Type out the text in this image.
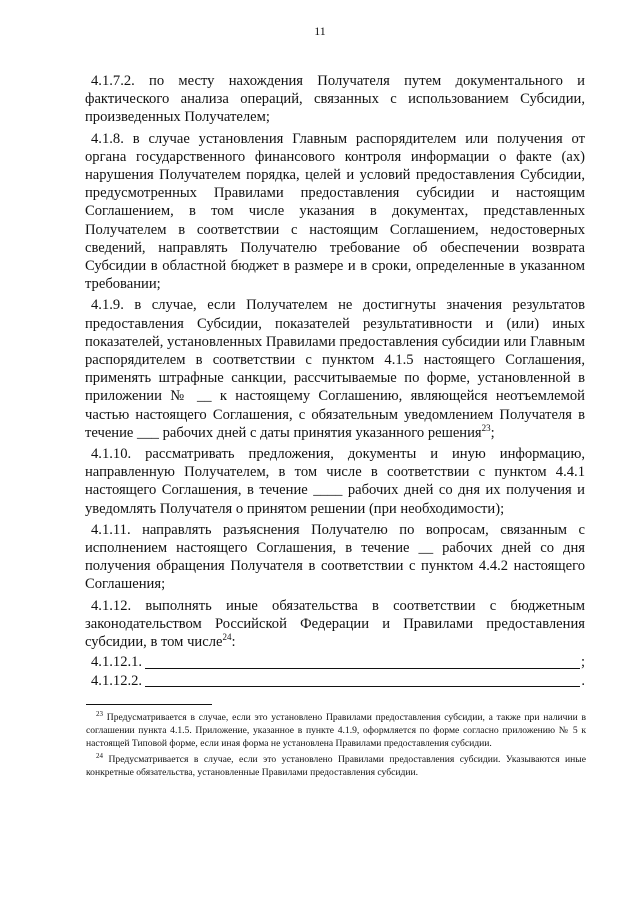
11

4.1.7.2. по месту нахождения Получателя путем документального и фактического анализа операций, связанных с использованием Субсидии, произведенных Получателем;

4.1.8. в случае установления Главным распорядителем или получения от органа государственного финансового контроля информации о факте (ах) нарушения Получателем порядка, целей и условий предоставления Субсидии, предусмотренных Правилами предоставления субсидии и настоящим Соглашением, в том числе указания в документах, представленных Получателем в соответствии с настоящим Соглашением, недостоверных сведений, направлять Получателю требование об обеспечении возврата Субсидии в областной бюджет в размере и в сроки, определенные в указанном требовании;

4.1.9. в случае, если Получателем не достигнуты значения результатов предоставления Субсидии, показателей результативности и (или) иных показателей, установленных Правилами предоставления субсидии или Главным распорядителем в соответствии с пунктом 4.1.5 настоящего Соглашения, применять штрафные санкции, рассчитываемые по форме, установленной в приложении № __ к настоящему Соглашению, являющейся неотъемлемой частью настоящего Соглашения, с обязательным уведомлением Получателя в течение ___ рабочих дней с даты принятия указанного решения$^{23}$;

4.1.10. рассматривать предложения, документы и иную информацию, направленную Получателем, в том числе в соответствии с пунктом 4.4.1 настоящего Соглашения, в течение ____ рабочих дней со дня их получения и уведомлять Получателя о принятом решении (при необходимости);

4.1.11. направлять разъяснения Получателю по вопросам, связанным с исполнением настоящего Соглашения, в течение __ рабочих дней со дня получения обращения Получателя в соответствии с пунктом 4.4.2 настоящего Соглашения;

4.1.12. выполнять иные обязательства в соответствии с бюджетным законодательством Российской Федерации и Правилами предоставления субсидии, в том числе$^{24}$:

4.1.12.1.	;
4.1.12.2.	.

$^{23}$ Предусматривается в случае, если это установлено Правилами предоставления субсидии, а также при наличии в соглашении пункта 4.1.5. Приложение, указанное в пункте 4.1.9, оформляется по форме согласно приложению № 5 к настоящей Типовой форме, если иная форма не установлена Правилами предоставления субсидии.

$^{24}$ Предусматривается в случае, если это установлено Правилами предоставления субсидии. Указываются иные конкретные обязательства, установленные Правилами предоставления субсидии.
